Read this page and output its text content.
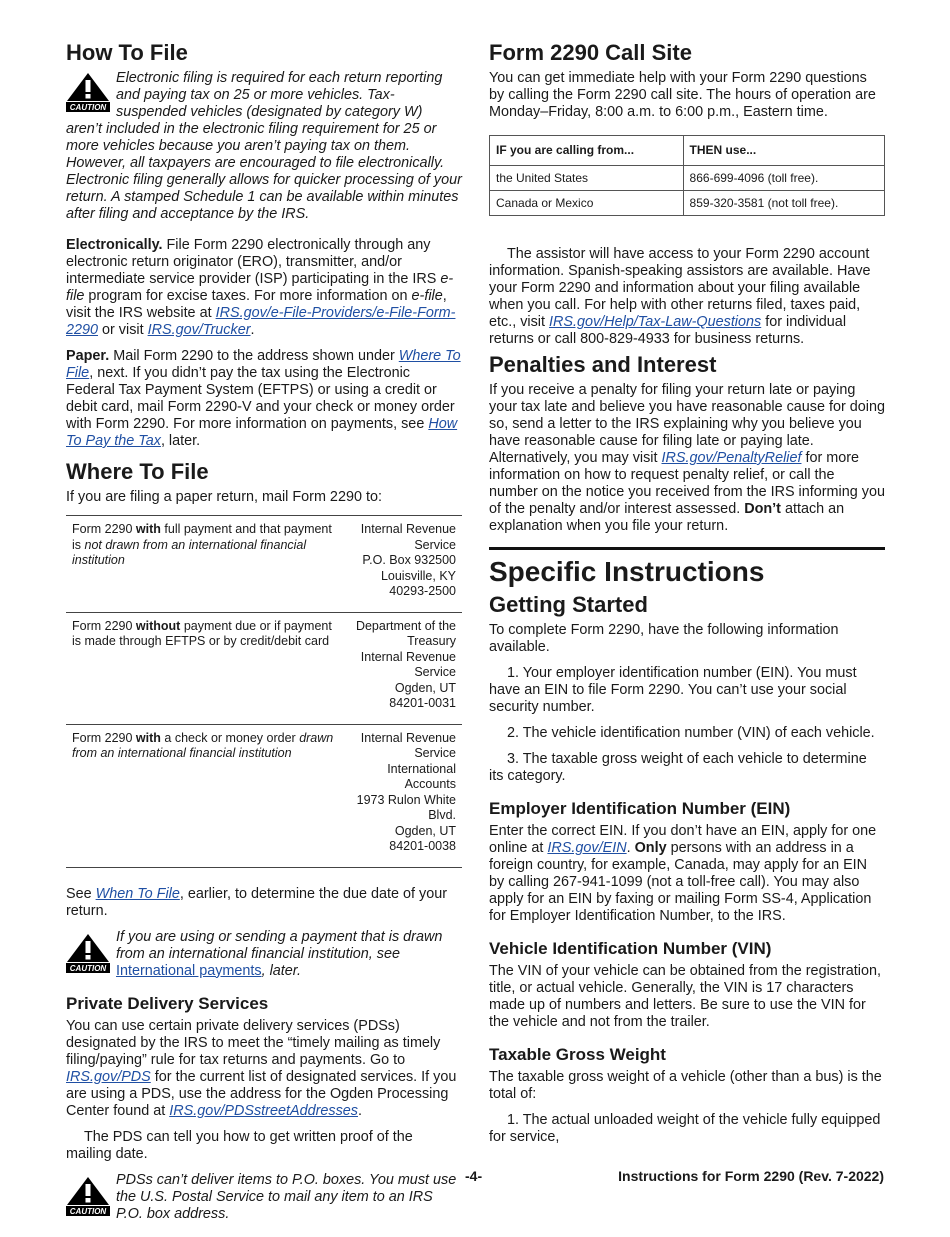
How To File
CAUTION
Electronic filing is required for each return reporting and paying tax on 25 or more vehicles. Tax-suspended vehicles (designated by category W) aren’t included in the electronic filing requirement for 25 or more vehicles because you aren’t paying tax on them. However, all taxpayers are encouraged to file electronically. Electronic filing generally allows for quicker processing of your return. A stamped Schedule 1 can be available within minutes after filing and acceptance by the IRS.

Electronically. File Form 2290 electronically through any electronic return originator (ERO), transmitter, and/or intermediate service provider (ISP) participating in the IRS e-file program for excise taxes. For more information on e-file, visit the IRS website at IRS.gov/e-File-Providers/e-File-Form-2290 or visit IRS.gov/Trucker.

Paper. Mail Form 2290 to the address shown under Where To File, next. If you didn’t pay the tax using the Electronic Federal Tax Payment System (EFTPS) or using a credit or debit card, mail Form 2290-V and your check or money order with Form 2290. For more information on payments, see How To Pay the Tax, later.

Where To File

If you are filing a paper return, mail Form 2290 to:

Form 2290 with full payment and that payment is not drawn from an international financial institution	Internal Revenue Service
P.O. Box 932500
Louisville, KY 40293-2500

Form 2290 without payment due or if payment is made through EFTPS or by credit/debit card	Department of the Treasury
Internal Revenue Service
Ogden, UT 84201-0031

Form 2290 with a check or money order drawn from an international financial institution	Internal Revenue Service
International Accounts
1973 Rulon White Blvd.
Ogden, UT 84201-0038

See When To File, earlier, to determine the due date of your return.

CAUTION
If you are using or sending a payment that is drawn from an international financial institution, see International payments, later.
Private Delivery Services

You can use certain private delivery services (PDSs) designated by the IRS to meet the “timely mailing as timely filing/paying” rule for tax returns and payments. Go to IRS.gov/PDS for the current list of designated services. If you are using a PDS, use the address for the Ogden Processing Center found at IRS.gov/PDSstreetAddresses.

The PDS can tell you how to get written proof of the mailing date.

CAUTION
PDSs can’t deliver items to P.O. boxes. You must use the U.S. Postal Service to mail any item to an IRS P.O. box address.
Form 2290 Call Site

You can get immediate help with your Form 2290 questions by calling the Form 2290 call site. The hours of operation are Monday–Friday, 8:00 a.m. to 6:00 p.m., Eastern time.

IF you are calling from...	THEN use...
the United States	866-699-4096 (toll free).
Canada or Mexico	859-320-3581 (not toll free).

The assistor will have access to your Form 2290 account information. Spanish-speaking assistors are available. Have your Form 2290 and information about your filing available when you call. For help with other returns filed, taxes paid, etc., visit IRS.gov/Help/Tax-Law-Questions for individual returns or call 800-829-4933 for business returns.

Penalties and Interest

If you receive a penalty for filing your return late or paying your tax late and believe you have reasonable cause for doing so, send a letter to the IRS explaining why you believe you have reasonable cause for filing late or paying late. Alternatively, you may visit IRS.gov/PenaltyRelief for more information on how to request penalty relief, or call the number on the notice you received from the IRS informing you of the penalty and/or interest assessed. Don’t attach an explanation when you file your return.

Specific Instructions
Getting Started

To complete Form 2290, have the following information available.

1. Your employer identification number (EIN). You must have an EIN to file Form 2290. You can’t use your social security number.

2. The vehicle identification number (VIN) of each vehicle.

3. The taxable gross weight of each vehicle to determine its category.

Employer Identification Number (EIN)

Enter the correct EIN. If you don’t have an EIN, apply for one online at IRS.gov/EIN. Only persons with an address in a foreign country, for example, Canada, may apply for an EIN by calling 267-941-1099 (not a toll-free call). You may also apply for an EIN by faxing or mailing Form SS-4, Application for Employer Identification Number, to the IRS.

Vehicle Identification Number (VIN)

The VIN of your vehicle can be obtained from the registration, title, or actual vehicle. Generally, the VIN is 17 characters made up of numbers and letters. Be sure to use the VIN for the vehicle and not from the trailer.

Taxable Gross Weight

The taxable gross weight of a vehicle (other than a bus) is the total of:

1. The actual unloaded weight of the vehicle fully equipped for service,

-4-	Instructions for Form 2290 (Rev. 7-2022)
